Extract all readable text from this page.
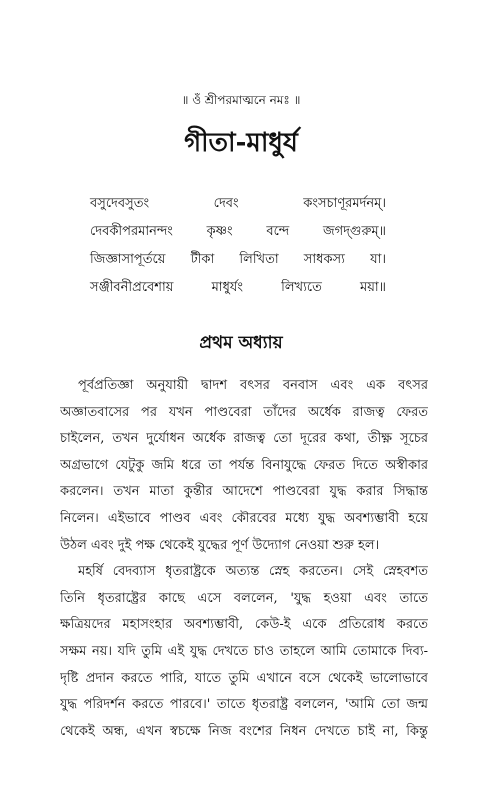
॥ ওঁ শ্রীপরমাত্মনে নমঃ ॥
গীতা-মাধুর্য
বসুদেবসুতং দেবং কংসচাণূরমর্দনম্।
দেবকীপরমানন্দং কৃষ্ণং বন্দে জগদ্গুরুম্॥
জিজ্ঞাসাপূর্তয়ে টীকা লিখিতা সাধকস্য যা।
সঞ্জীবনীপ্রবেশায় মাধুর্যং লিখ্যতে ময়া॥
প্রথম অধ্যায়
পূর্বপ্রতিজ্ঞা অনুযায়ী দ্বাদশ বৎসর বনবাস এবং এক বৎসর
অজ্ঞাতবাসের পর যখন পাণ্ডবেরা তাঁদের অর্ধেক রাজত্ব ফেরত
চাইলেন, তখন দুর্যোধন অর্ধেক রাজত্ব তো দূরের কথা, তীক্ষ্ণ সূচের
অগ্রভাগে যেটুকু জমি ধরে তা পর্যন্ত বিনাযুদ্ধে ফেরত দিতে অস্বীকার
করলেন। তখন মাতা কুন্তীর আদেশে পাণ্ডবেরা যুদ্ধ করার সিদ্ধান্ত
নিলেন। এইভাবে পাণ্ডব এবং কৌরবের মধ্যে যুদ্ধ অবশ্যম্ভাবী হয়ে
উঠল এবং দুই পক্ষ থেকেই যুদ্ধের পূর্ণ উদ্যোগ নেওয়া শুরু হল।
মহর্ষি বেদব্যাস ধৃতরাষ্ট্রকে অত্যন্ত স্নেহ করতেন। সেই স্নেহবশত
তিনি ধৃতরাষ্ট্রের কাছে এসে বললেন, 'যুদ্ধ হওয়া এবং তাতে
ক্ষত্রিয়দের মহাসংহার অবশ্যম্ভাবী, কেউ-ই একে প্রতিরোধ করতে
সক্ষম নয়। যদি তুমি এই যুদ্ধ দেখতে চাও তাহলে আমি তোমাকে দিব্য-
দৃষ্টি প্রদান করতে পারি, যাতে তুমি এখানে বসে থেকেই ভালোভাবে
যুদ্ধ পরিদর্শন করতে পারবে।' তাতে ধৃতরাষ্ট্র বললেন, 'আমি তো জন্ম
থেকেই অন্ধ, এখন স্বচক্ষে নিজ বংশের নিধন দেখতে চাই না, কিন্তু
